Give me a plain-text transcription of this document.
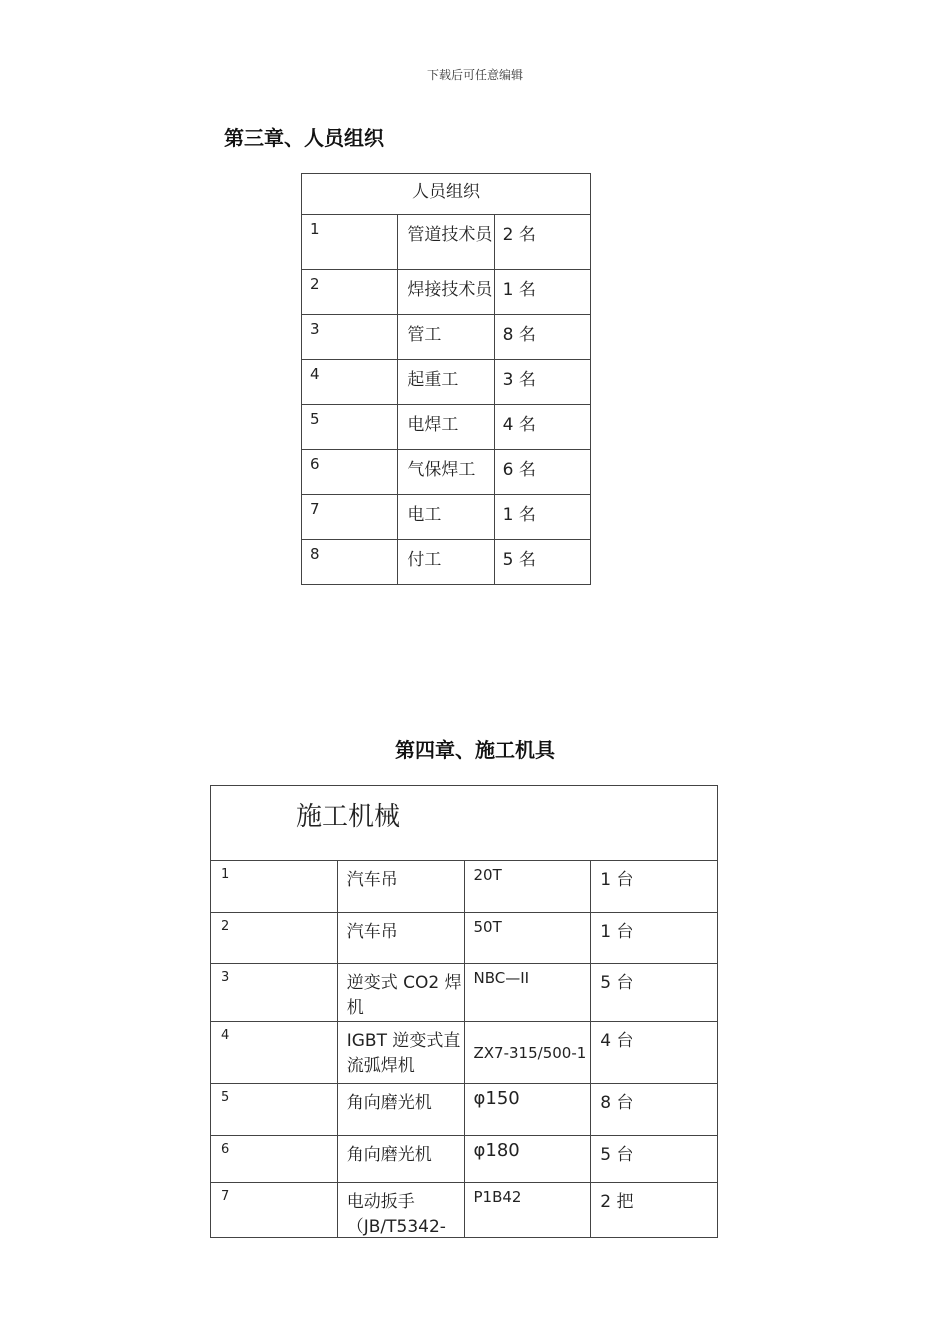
下载后可任意编辑
第三章、人员组织
人员组织		
1	管道技术员	2 名
2	焊接技术员	1 名
3	管工	8 名
4	起重工	3 名
5	电焊工	4 名
6	气保焊工	6 名
7	电工	1 名
8	付工	5 名
第四章、施工机具
施工机械			
1	汽车吊	20T	1 台
2	汽车吊	50T	1 台
3	逆变式 CO2 焊机	NBC—II	5 台
4	IGBT 逆变式直流弧焊机	ZX7-315/500-1	4 台
5	角向磨光机	φ150	8 台
6	角向磨光机	φ180	5 台
7	电动扳手（JB/T5342-	P1B42	2 把
